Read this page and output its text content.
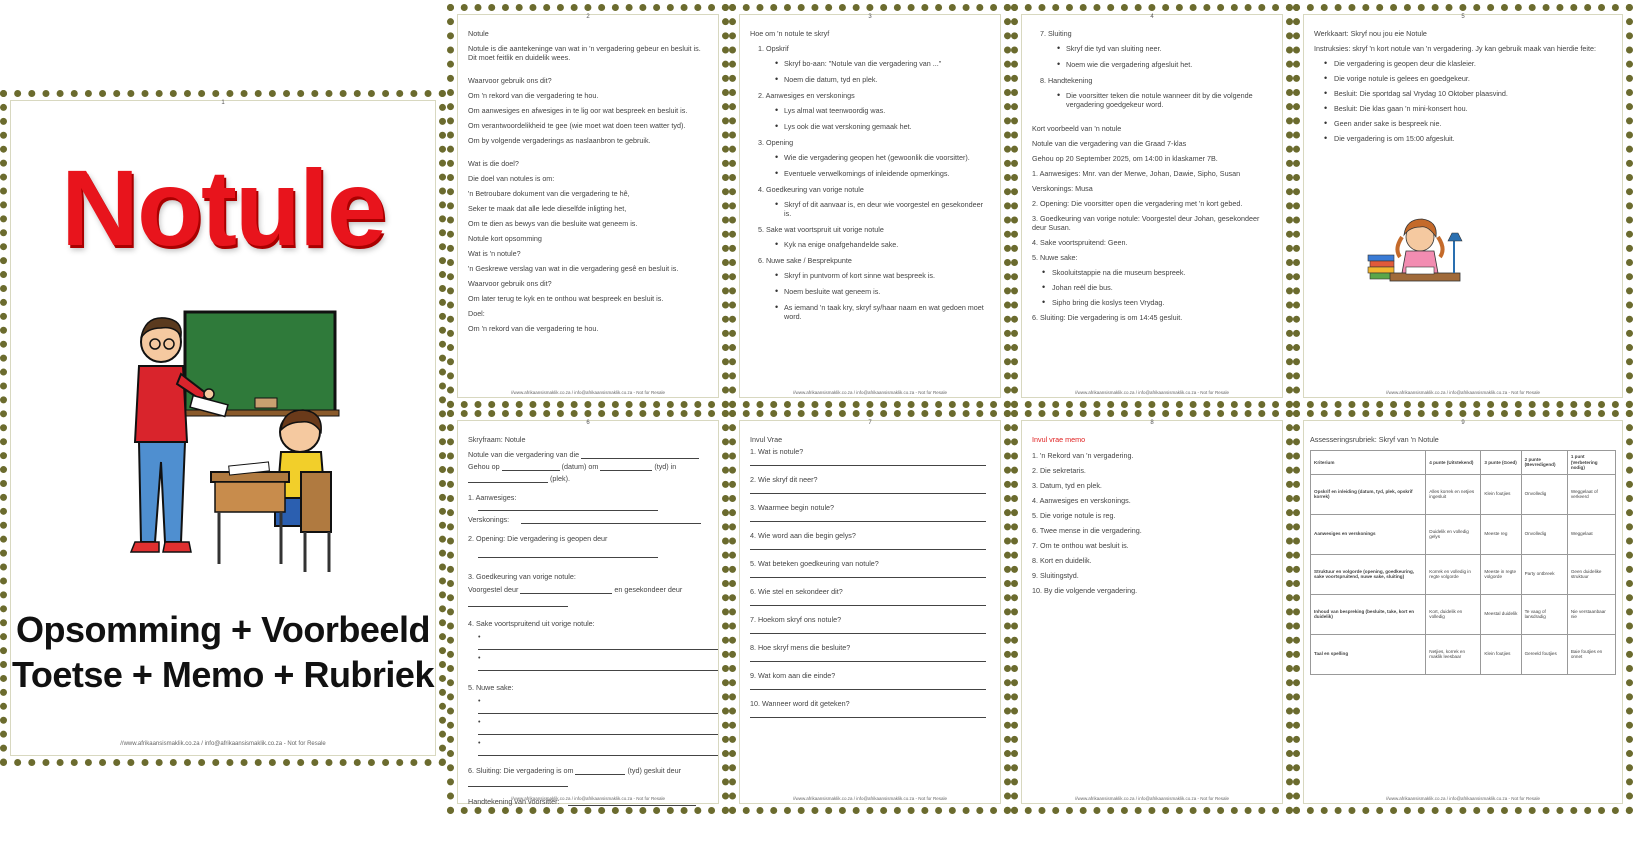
1
Notule
Opsomming + Voorbeeld
Toetse + Memo + Rubriek
//www.afrikaansismaklik.co.za / info@afrikaansismaklik.co.za - Not for Resale
2
Notule
Notule is die aantekeninge van wat in 'n vergadering gebeur en besluit is. Dit moet feitlik en duidelik wees.
Waarvoor gebruik ons dit?
Om 'n rekord van die vergadering te hou.
Om aanwesiges en afwesiges in te lig oor wat bespreek en besluit is.
Om verantwoordelikheid te gee (wie moet wat doen teen watter tyd).
Om by volgende vergaderings as naslaanbron te gebruik.
Wat is die doel?
Die doel van notules is om:
'n Betroubare dokument van die vergadering te hê,
Seker te maak dat alle lede dieselfde inligting het,
Om te dien as bewys van die besluite wat geneem is.
Notule kort opsomming
Wat is 'n notule?
'n Geskrewe verslag van wat in die vergadering gesê en besluit is.
Waarvoor gebruik ons dit?
Om later terug te kyk en te onthou wat bespreek en besluit is.
Doel:
Om 'n rekord van die vergadering te hou.
//www.afrikaansismaklik.co.za / info@afrikaansismaklik.co.za - Not for Resale
3
Hoe om 'n notule te skryf
1. Opskrif
• Skryf bo-aan: "Notule van die vergadering van ..."
• Noem die datum, tyd en plek.
2. Aanwesiges en verskonings
• Lys almal wat teenwoordig was.
• Lys ook die wat verskoning gemaak het.
3. Opening
• Wie die vergadering geopen het (gewoonlik die voorsitter).
• Eventuele verwelkomings of inleidende opmerkings.
4. Goedkeuring van vorige notule
• Skryf of dit aanvaar is, en deur wie voorgestel en gesekondeer is.
5. Sake wat voortspruit uit vorige notule
• Kyk na enige onafgehandelde sake.
6. Nuwe sake / Besprekpunte
• Skryf in puntvorm of kort sinne wat bespreek is.
• Noem besluite wat geneem is.
• As iemand 'n taak kry, skryf sy/haar naam en wat gedoen moet word.
//www.afrikaansismaklik.co.za / info@afrikaansismaklik.co.za - Not for Resale
4
7. Sluiting
• Skryf die tyd van sluiting neer.
• Noem wie die vergadering afgesluit het.
8. Handtekening
• Die voorsitter teken die notule wanneer dit by die volgende vergadering goedgekeur word.
Kort voorbeeld van 'n notule
Notule van die vergadering van die Graad 7-klas
Gehou op 20 September 2025, om 14:00 in klaskamer 7B.
1. Aanwesiges: Mnr. van der Merwe, Johan, Dawie, Sipho, Susan
Verskonings: Musa
2. Opening: Die voorsitter open die vergadering met 'n kort gebed.
3. Goedkeuring van vorige notule: Voorgestel deur Johan, gesekondeer deur Susan.
4. Sake voortspruitend: Geen.
5. Nuwe sake:
• Skooluitstappie na die museum bespreek.
• Johan reël die bus.
• Sipho bring die koslys teen Vrydag.
6. Sluiting: Die vergadering is om 14:45 gesluit.
//www.afrikaansismaklik.co.za / info@afrikaansismaklik.co.za - Not for Resale
5
Werkkaart: Skryf nou jou eie Notule
Instruksies: skryf 'n kort notule van 'n vergadering. Jy kan gebruik maak van hierdie feite:
• Die vergadering is geopen deur die klasleier.
• Die vorige notule is gelees en goedgekeur.
• Besluit: Die sportdag sal Vrydag 10 Oktober plaasvind.
• Besluit: Die klas gaan 'n mini-konsert hou.
• Geen ander sake is bespreek nie.
• Die vergadering is om 15:00 afgesluit.
//www.afrikaansismaklik.co.za / info@afrikaansismaklik.co.za - Not for Resale
6
Skryfraam: Notule
Notule van die vergadering van die
Gehou op	(datum) om	(tyd) in
(plek).
1. Aanwesiges:
Verskonings:
2. Opening: Die vergadering is geopen deur
3. Goedkeuring van vorige notule:
Voorgestel deur	en gesekondeer deur
4. Sake voortspruitend uit vorige notule:
•
•
5. Nuwe sake:
•
•
•
6. Sluiting: Die vergadering is om	(tyd) gesluit deur
Handtekening van voorsitter:
//www.afrikaansismaklik.co.za / info@afrikaansismaklik.co.za - Not for Resale
7
Invul Vrae
1. Wat is notule?
2. Wie skryf dit neer?
3. Waarmee begin notule?
4. Wie word aan die begin gelys?
5. Wat beteken goedkeuring van notule?
6. Wie stel en sekondeer dit?
7. Hoekom skryf ons notule?
8. Hoe skryf mens die besluite?
9. Wat kom aan die einde?
10. Wanneer word dit geteken?
//www.afrikaansismaklik.co.za / info@afrikaansismaklik.co.za - Not for Resale
8
Invul vrae memo
1. 'n Rekord van 'n vergadering.
2. Die sekretaris.
3. Datum, tyd en plek.
4. Aanwesiges en verskonings.
5. Die vorige notule is reg.
6. Twee mense in die vergadering.
7. Om te onthou wat besluit is.
8. Kort en duidelik.
9. Sluitingstyd.
10. By die volgende vergadering.
//www.afrikaansismaklik.co.za / info@afrikaansismaklik.co.za - Not for Resale
9
Assesseringsrubriek: Skryf van 'n Notule
Kriterium	4 punte (Uitstekend)	3 punte (Goed)	2 punte (Bevredigend)	1 punt (Verbetering nodig)
Opskrif en inleiding (datum, tyd, plek, opskrif korrek)	Alles korrek en netjies ingesluit	Klein foutjies	Onvolledig	Weggelaat of verkeerd
Aanwesiges en verskonings	Duidelik en volledig gelys	Meeste reg	Onvolledig	Weggelaat
Struktuur en volgorde (opening, goedkeuring, sake voortspruitend, nuwe sake, sluiting)	Korrek en volledig in regte volgorde	Meeste in regte volgorde	Party ontbreek	Geen duidelike struktuur
Inhoud van bespreking (besluite, take, kort en duidelik)	Kort, duidelik en volledig	Meestal duidelik	Te vaag of lansdradig	Nie verstaanbaar nie
Taal en spelling	Netjies, korrek en maklik leesbaar	Klein foutjies	Gereeld foutjies	Baie foutjies en onnet
//www.afrikaansismaklik.co.za / info@afrikaansismaklik.co.za - Not for Resale
